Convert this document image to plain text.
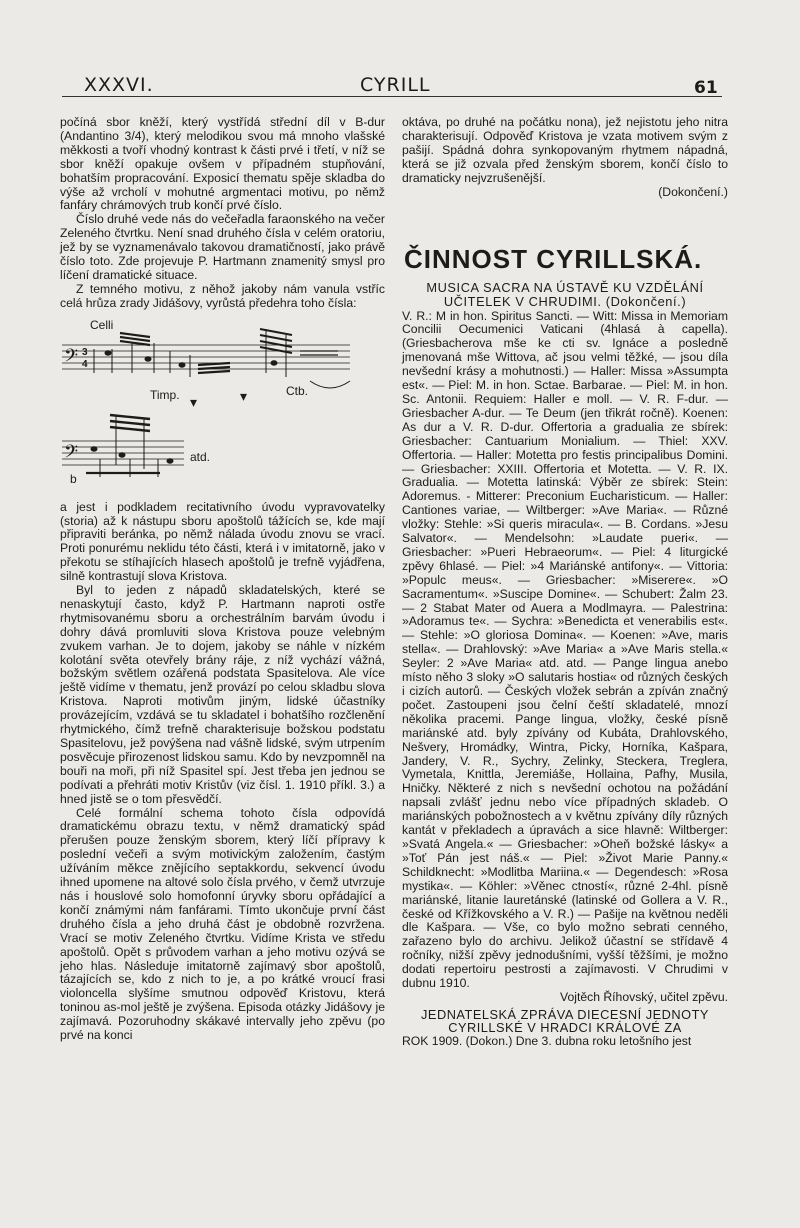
XXXVI.	CYRILL	61

počíná sbor kněží, který vystřídá střední díl v B-dur (Andantino 3/4), který melodikou svou má mnoho vlašské měkkosti a tvoří vhodný kontrast k části prvé i třetí, v níž se sbor kněží opakuje ovšem v případném stupňování, bohatším propracování. Exposicí thematu spěje skladba do výše až vrcholí v mohutné argmentaci motivu, po němž fanfáry chrámových trub končí prvé číslo.

Číslo druhé vede nás do večeřadla faraonského na večer Zeleného čtvrtku. Není snad druhého čísla v celém oratoriu, jež by se vyznamenávalo takovou dramatičností, jako právě číslo toto. Zde projevuje P. Hartmann znamenitý smysl pro líčení dramatické situace.

Z temného motivu, z něhož jakoby nám vanula vstříc celá hrůza zrady Jidášovy, vyrůstá předehra toho čísla:

Celli
𝄢 3
4
Timp.	Ctb.
▾	▾
𝄢
b
atd.

a jest i podkladem recitativního úvodu vypravovatelky (storia) až k nástupu sboru apoštolů tážících se, kde mají připraviti beránka, po němž nálada úvodu znovu se vrací. Proti ponurému neklidu této části, která i v imitatorně, jako v překotu se stíhajících hlasech apoštolů je trefně vyjádřena, silně kontrastují slova Kristova.

Byl to jeden z nápadů skladatelských, které se nenaskytují často, když P. Hartmann naproti ostře rhytmisovanému sboru a orchestrálním barvám úvodu i dohry dává promluviti slova Kristova pouze velebným zvukem varhan. Je to dojem, jakoby se náhle v nízkém kolotání světa otevřely brány ráje, z níž vychází vážná, božským světlem ozářená podstata Spasitelova. Ale více ještě vidíme v thematu, jenž provází po celou skladbu slova Kristova. Naproti motivům jiným, lidské účastníky provázejícím, vzdává se tu skladatel i bohatšího rozčlenění rhytmického, čímž trefně charakterisuje božskou podstatu Spasitelovu, jež povýšena nad vášně lidské, svým utrpením posvěcuje přirozenost lidskou samu. Kdo by nevzpomněl na bouři na moři, při níž Spasitel spí. Jest třeba jen jednou se podívati a přehráti motiv Kristův (viz čísl. 1. 1910 příkl. 3.) a hned jistě se o tom přesvědčí.

Celé formální schema tohoto čísla odpovídá dramatickému obrazu textu, v němž dramatický spád přerušen pouze ženským sborem, který líčí přípravy k poslední večeři a svým motivickým založením, častým užíváním měkce znějícího septakkordu, sekvencí úvodu ihned upomene na altové solo čísla prvého, v čemž utvrzuje nás i houslové solo homofonní úryvky sboru opřádající a končí známými nám fanfárami. Tímto ukončuje první část druhého čísla a jeho druhá část je obdobně rozvržena. Vrací se motiv Zeleného čtvrtku. Vidíme Krista ve středu apoštolů. Opět s průvodem varhan a jeho motivu ozývá se jeho hlas. Následuje imitatorně zajímavý sbor apoštolů, tázajících se, kdo z nich to je, a po krátké vroucí frasi violoncella slyšíme smutnou odpověď Kristovu, která toninou as-mol ještě je zvýšena. Episoda otázky Jidášovy je zajímavá. Pozoruhodny skákavé intervally jeho zpěvu (po prvé na konci

oktáva, po druhé na počátku nona), jež nejistotu jeho nitra charakterisují. Odpověď Kristova je vzata motivem svým z pašijí. Spádná dohra synkopovaným rhytmem nápadná, která se již ozvala před ženským sborem, končí číslo to dramaticky nejvzrušenější.
(Dokončení.)

ČINNOST CYRILLSKÁ.
MUSICA SACRA NA ÚSTAVĚ KU VZDĚLÁNÍ UČITELEK V CHRUDIMI. (Dokončení.)

V. R.: M in hon. Spiritus Sancti. — Witt: Missa in Memoriam Concilii Oecumenici Vaticani (4hlasá à capella). (Griesbacherova mše ke cti sv. Ignáce a posledně jmenovaná mše Wittova, ač jsou velmi těžké, — jsou díla nevšední krásy a mohutnosti.) — Haller: Missa »Assumpta est«. — Piel: M. in hon. Sctae. Barbarae. — Piel: M. in hon. Sc. Antonii. Requiem: Haller e moll. — V. R. F-dur. — Griesbacher A-dur. — Te Deum (jen třikrát ročně). Koenen: As dur a V. R. D-dur. Offertoria a gradualia ze sbírek: Griesbacher: Cantuarium Monialium. — Thiel: XXV. Offertoria. — Haller: Motetta pro festis principalibus Domini. — Griesbacher: XXIII. Offertoria et Motetta. — V. R. IX. Gradualia. — Motetta latinská: Výběr ze sbírek: Stein: Adoremus. - Mitterer: Preconium Eucharisticum. — Haller: Cantiones variae, — Wiltberger: »Ave Maria«. — Různé vložky: Stehle: »Si queris miracula«. — B. Cordans. »Jesu Salvator«. — Mendelsohn: »Laudate pueri«. — Griesbacher: »Pueri Hebraeorum«. — Piel: 4 liturgické zpěvy 6hlasé. — Piel: »4 Mariánské antifony«. — Vittoria: »Populc meus«. — Griesbacher: »Miserere«. »O Sacramentum«. »Suscipe Domine«. — Schubert: Žalm 23. — 2 Stabat Mater od Auera a Modlmayra. — Palestrina: »Adoramus te«. — Sychra: »Benedicta et venerabilis est«. — Stehle: »O gloriosa Domina«. — Koenen: »Ave, maris stella«. — Drahlovský: »Ave Maria« a »Ave Maris stella.« Seyler: 2 »Ave Maria« atd. atd. — Pange lingua anebo místo něho 3 sloky »O salutaris hostia« od různých českých i cizích autorů. — Českých vložek sebrán a zpíván značný počet. Zastoupeni jsou čelní čeští skladatelé, mnozí několika pracemi. Pange lingua, vložky, české písně mariánské atd. byly zpívány od Kubáta, Drahlovského, Nešvery, Hromádky, Wintra, Picky, Horníka, Kašpara, Jandery, V. R., Sychry, Zelinky, Steckera, Treglera, Vymetala, Knittla, Jeremiáše, Hollaina, Pafhy, Musila, Hničky. Některé z nich s nevšední ochotou na požádání napsali zvlášť jednu nebo více případných skladeb. O mariánských pobožnostech a v květnu zpívány díly různých kantát v překladech a úpravách a sice hlavně: Wiltberger: »Svatá Angela.« — Griesbacher: »Oheň božské lásky« a »Toť Pán jest náš.« — Piel: »Život Marie Panny.« Schildknecht: »Modlitba Mariina.« — Degendesch: »Rosa mystika«. — Köhler: »Věnec ctností«, různé 2-4hl. písně mariánské, litanie lauretánské (latinské od Gollera a V. R., české od Křížkovského a V. R.) — Pašije na květnou neděli dle Kašpara. — Vše, co bylo možno sebrati cenného, zařazeno bylo do archivu. Jelikož účastní se střídavě 4 ročníky, nižší zpěvy jednodušními, vyšší těžšími, je možno dodati repertoiru pestrosti a zajímavosti. V Chrudimi v dubnu 1910.

Vojtěch Říhovský, učitel zpěvu.

JEDNATELSKÁ ZPRÁVA DIECESNÍ JEDNOTY CYRILLSKÉ V HRADCI KRÁLOVÉ ZA

ROK 1909. (Dokon.) Dne 3. dubna roku letošního jest
